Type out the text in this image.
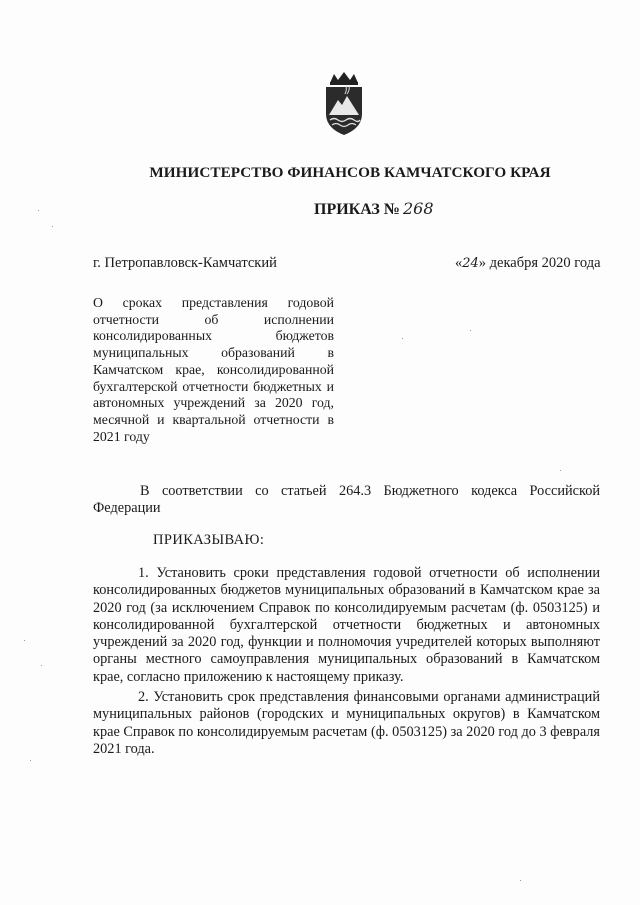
МИНИСТЕРСТВО ФИНАНСОВ КАМЧАТСКОГО КРАЯ
ПРИКАЗ № 268
г. Петропавловск-Камчатский	«24» декабря 2020 года
О сроках представления годовой отчетности об исполнении консолидированных бюджетов муниципальных образований в Камчатском крае, консолидированной бухгалтерской отчетности бюджетных и автономных учреждений за 2020 год, месячной и квартальной отчетности в 2021 году
В соответствии со статьей 264.3 Бюджетного кодекса Российской Федерации
ПРИКАЗЫВАЮ:
1. Установить сроки представления годовой отчетности об исполнении консолидированных бюджетов муниципальных образований в Камчатском крае за 2020 год (за исключением Справок по консолидируемым расчетам (ф. 0503125) и консолидированной бухгалтерской отчетности бюджетных и автономных учреждений за 2020 год, функции и полномочия учредителей которых выполняют органы местного самоуправления муниципальных образований в Камчатском крае, согласно приложению к настоящему приказу.
2. Установить срок представления финансовыми органами администраций муниципальных районов (городских и муниципальных округов) в Камчатском крае Справок по консолидируемым расчетам (ф. 0503125) за 2020 год до 3 февраля 2021 года.
